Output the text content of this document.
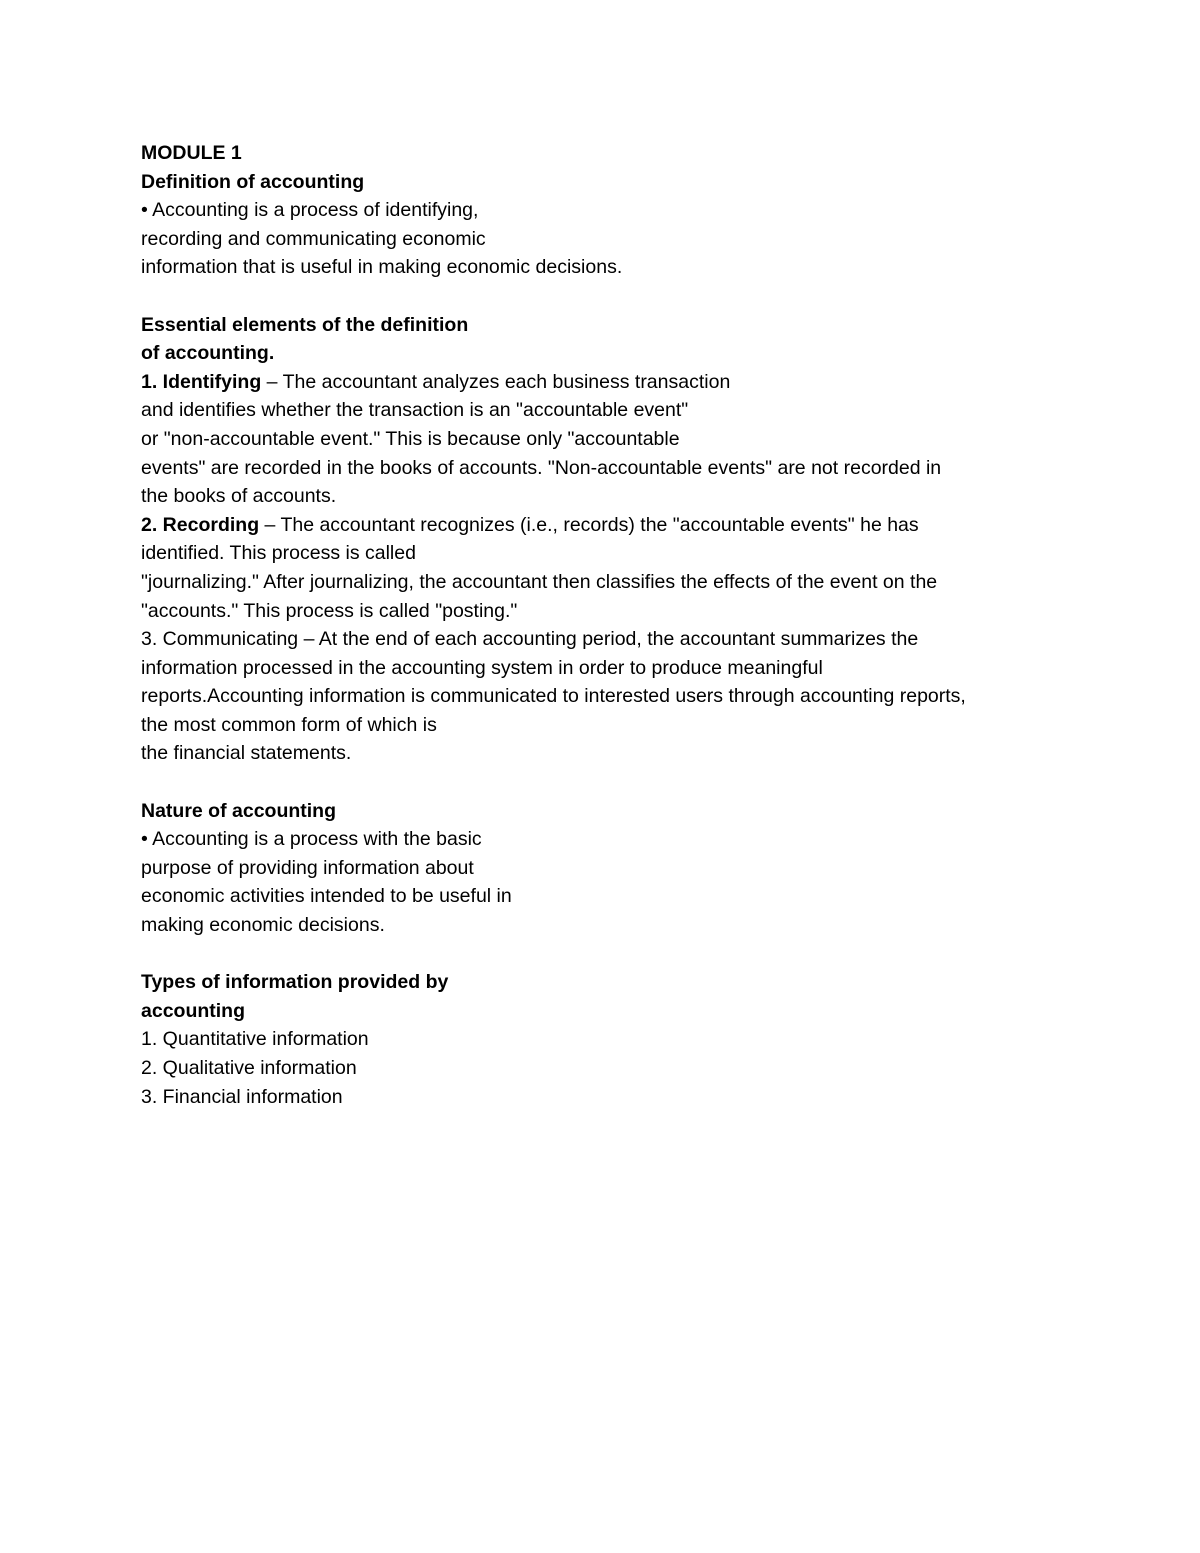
MODULE 1
Definition of accounting
• Accounting is a process of identifying,
recording and communicating economic
information that is useful in making economic decisions.
Essential elements of the definition
of accounting.
1. Identifying – The accountant analyzes each business transaction
and identifies whether the transaction is an "accountable event"
or "non-accountable event." This is because only "accountable
events" are recorded in the books of accounts. "Non-accountable events" are not recorded in
the books of accounts.
2. Recording – The accountant recognizes (i.e., records) the "accountable events" he has
identified. This process is called
"journalizing." After journalizing, the accountant then classifies the effects of the event on the
"accounts." This process is called "posting."
3. Communicating – At the end of each accounting period, the accountant summarizes the
information processed in the accounting system in order to produce meaningful
reports.Accounting information is communicated to interested users through accounting reports,
the most common form of which is
the financial statements.
Nature of accounting
• Accounting is a process with the basic
purpose of providing information about
economic activities intended to be useful in
making economic decisions.
Types of information provided by
accounting
1. Quantitative information
2. Qualitative information
3. Financial information
